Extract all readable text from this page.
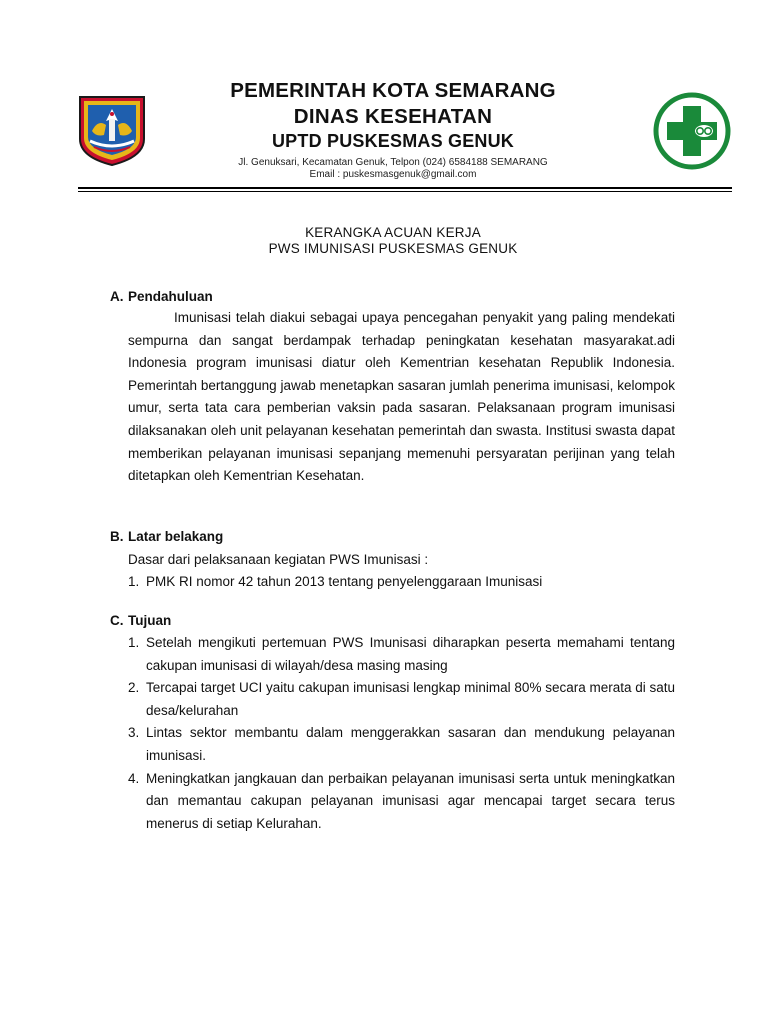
PEMERINTAH KOTA SEMARANG
DINAS KESEHATAN
UPTD PUSKESMAS GENUK
Jl. Genuksari, Kecamatan Genuk, Telpon (024) 6584188 SEMARANG
Email : puskesmasgenuk@gmail.com
KERANGKA ACUAN KERJA
PWS IMUNISASI PUSKESMAS GENUK
A. Pendahuluan

Imunisasi telah diakui sebagai upaya pencegahan penyakit yang paling mendekati sempurna dan sangat berdampak terhadap peningkatan kesehatan masyarakat.adi Indonesia program imunisasi diatur oleh Kementrian kesehatan Republik Indonesia. Pemerintah bertanggung jawab menetapkan sasaran jumlah penerima imunisasi, kelompok umur, serta tata cara pemberian vaksin pada sasaran. Pelaksanaan program imunisasi dilaksanakan oleh unit pelayanan kesehatan pemerintah dan swasta. Institusi swasta dapat memberikan pelayanan imunisasi sepanjang memenuhi persyaratan perijinan yang telah ditetapkan oleh Kementrian Kesehatan.

B. Latar belakang
Dasar dari pelaksanaan kegiatan PWS Imunisasi :
1. PMK RI nomor 42 tahun 2013 tentang penyelenggaraan Imunisasi
C. Tujuan
1. Setelah mengikuti pertemuan PWS Imunisasi diharapkan peserta memahami tentang cakupan imunisasi di wilayah/desa masing masing
2. Tercapai target UCI yaitu cakupan imunisasi lengkap minimal 80% secara merata di satu desa/kelurahan
3. Lintas sektor membantu dalam menggerakkan sasaran dan mendukung pelayanan imunisasi.
4. Meningkatkan jangkauan dan perbaikan pelayanan imunisasi serta untuk meningkatkan dan memantau cakupan pelayanan imunisasi agar mencapai target secara terus menerus di setiap Kelurahan.
